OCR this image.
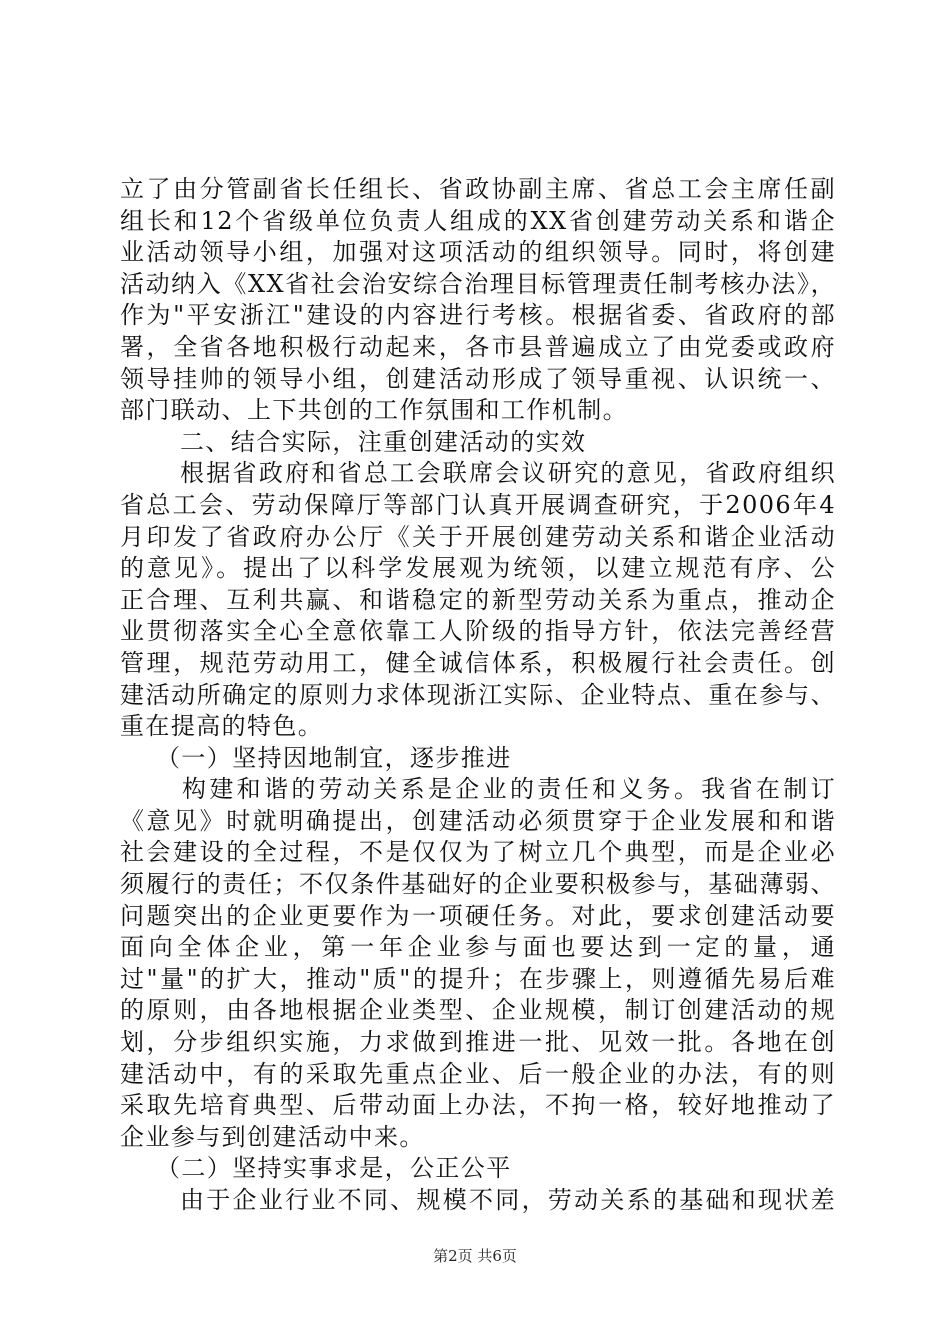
立了由分管副省长任组长、省政协副主席、省总工会主席任副
组长和12个省级单位负责人组成的XX省创建劳动关系和谐企
业活动领导小组，加强对这项活动的组织领导。同时，将创建
活动纳入《XX省社会治安综合治理目标管理责任制考核办法》，
作为"平安浙江"建设的内容进行考核。根据省委、省政府的部
署，全省各地积极行动起来，各市县普遍成立了由党委或政府
领导挂帅的领导小组，创建活动形成了领导重视、认识统一、
部门联动、上下共创的工作氛围和工作机制。
二、结合实际，注重创建活动的实效
根据省政府和省总工会联席会议研究的意见，省政府组织
省总工会、劳动保障厅等部门认真开展调查研究，于2006年4
月印发了省政府办公厅《关于开展创建劳动关系和谐企业活动
的意见》。提出了以科学发展观为统领，以建立规范有序、公
正合理、互利共赢、和谐稳定的新型劳动关系为重点，推动企
业贯彻落实全心全意依靠工人阶级的指导方针，依法完善经营
管理，规范劳动用工，健全诚信体系，积极履行社会责任。创
建活动所确定的原则力求体现浙江实际、企业特点、重在参与、
重在提高的特色。
（一）坚持因地制宜，逐步推进
构建和谐的劳动关系是企业的责任和义务。我省在制订
《意见》时就明确提出，创建活动必须贯穿于企业发展和和谐
社会建设的全过程，不是仅仅为了树立几个典型，而是企业必
须履行的责任；不仅条件基础好的企业要积极参与，基础薄弱、
问题突出的企业更要作为一项硬任务。对此，要求创建活动要
面向全体企业，第一年企业参与面也要达到一定的量，通
过"量"的扩大，推动"质"的提升；在步骤上，则遵循先易后难
的原则，由各地根据企业类型、企业规模，制订创建活动的规
划，分步组织实施，力求做到推进一批、见效一批。各地在创
建活动中，有的采取先重点企业、后一般企业的办法，有的则
采取先培育典型、后带动面上办法，不拘一格，较好地推动了
企业参与到创建活动中来。
（二）坚持实事求是，公正公平
由于企业行业不同、规模不同，劳动关系的基础和现状差
第2页 共6页
